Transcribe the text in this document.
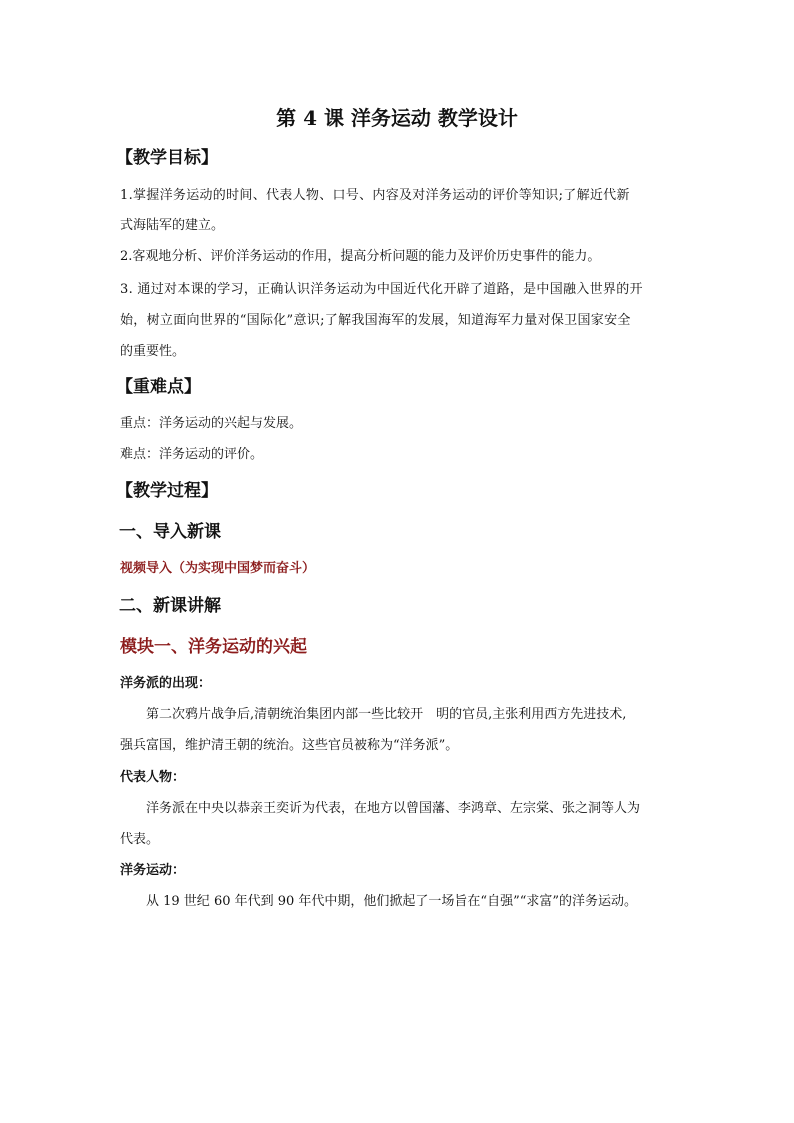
第 4 课 洋务运动 教学设计
【教学目标】
1.掌握洋务运动的时间、代表人物、口号、内容及对洋务运动的评价等知识;了解近代新
式海陆军的建立。
2.客观地分析、评价洋务运动的作用，提高分析问题的能力及评价历史事件的能力。
3. 通过对本课的学习，正确认识洋务运动为中国近代化开辟了道路，是中国融入世界的开
始，树立面向世界的“国际化”意识;了解我国海军的发展，知道海军力量对保卫国家安全
的重要性。
【重难点】
重点：洋务运动的兴起与发展。
难点：洋务运动的评价。
【教学过程】
一、导入新课
视频导入（为实现中国梦而奋斗）
二、新课讲解
模块一、洋务运动的兴起
洋务派的出现：
第二次鸦片战争后,清朝统治集团内部一些比较开　明的官员,主张利用西方先进技术,
强兵富国，维护清王朝的统治。这些官员被称为“洋务派”。
代表人物：
洋务派在中央以恭亲王奕䜣为代表，在地方以曾国藩、李鸿章、左宗棠、张之洞等人为
代表。
洋务运动：
从 19 世纪 60 年代到 90 年代中期，他们掀起了一场旨在“自强”“求富”的洋务运动。
